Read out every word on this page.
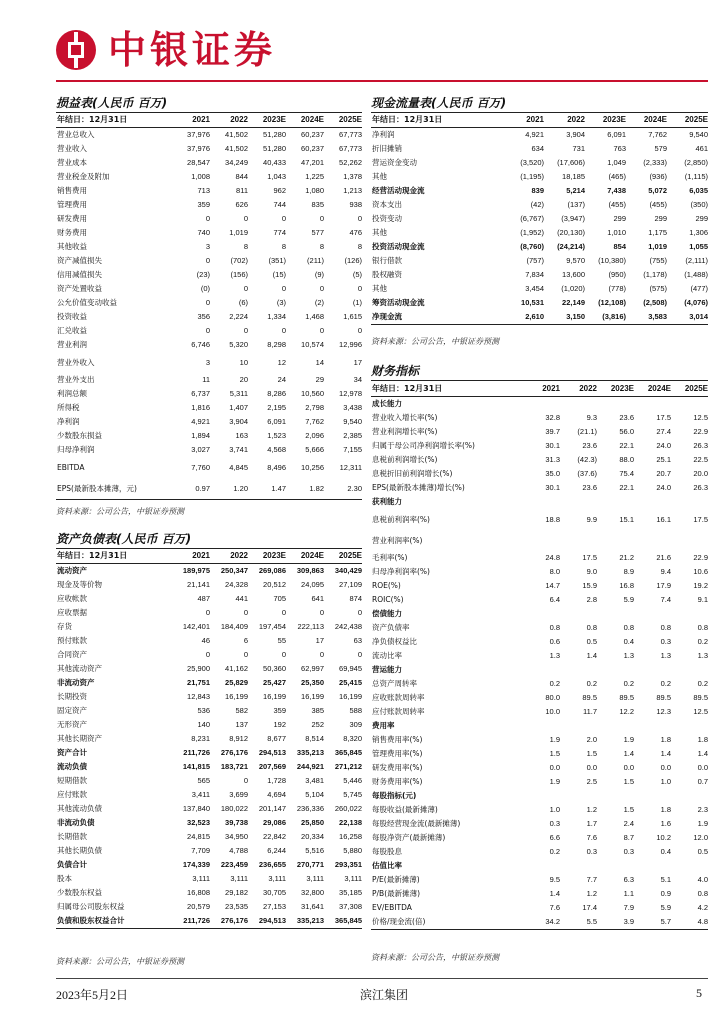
中银证券
损益表(人民币 百万)
年结日：12月31日	2021	2022	2023E	2024E	2025E
营业总收入	37,976	41,502	51,280	60,237	67,773
营业收入	37,976	41,502	51,280	60,237	67,773
营业成本	28,547	34,249	40,433	47,201	52,262
营业税金及附加	1,008	844	1,043	1,225	1,378
销售费用	713	811	962	1,080	1,213
管理费用	359	626	744	835	938
研发费用	0	0	0	0	0
财务费用	740	1,019	774	577	476
其他收益	3	8	8	8	8
资产减值损失	0	(702)	(351)	(211)	(126)
信用减值损失	(23)	(156)	(15)	(9)	(5)
资产处置收益	(0)	0	0	0	0
公允价值变动收益	0	(6)	(3)	(2)	(1)
投资收益	356	2,224	1,334	1,468	1,615
汇兑收益	0	0	0	0	0
营业利润	6,746	5,320	8,298	10,574	12,996
营业外收入	3	10	12	14	17
营业外支出	11	20	24	29	34
利润总额	6,737	5,311	8,286	10,560	12,978
所得税	1,816	1,407	2,195	2,798	3,438
净利润	4,921	3,904	6,091	7,762	9,540
少数股东损益	1,894	163	1,523	2,096	2,385
归母净利润	3,027	3,741	4,568	5,666	7,155
EBITDA	7,760	4,845	8,496	10,256	12,311
EPS(最新股本摊薄，元)	0.97	1.20	1.47	1.82	2.30
资料来源：公司公告，中银证券预测
资产负债表(人民币 百万)
年结日：12月31日	2021	2022	2023E	2024E	2025E
流动资产	189,975	250,347	269,086	309,863	340,429
现金及等价物	21,141	24,328	20,512	24,095	27,109
应收帐款	487	441	705	641	874
应收票据	0	0	0	0	0
存货	142,401	184,409	197,454	222,113	242,438
预付账款	46	6	55	17	63
合同资产	0	0	0	0	0
其他流动资产	25,900	41,162	50,360	62,997	69,945
非流动资产	21,751	25,829	25,427	25,350	25,415
长期投资	12,843	16,199	16,199	16,199	16,199
固定资产	536	582	359	385	588
无形资产	140	137	192	252	309
其他长期资产	8,231	8,912	8,677	8,514	8,320
资产合计	211,726	276,176	294,513	335,213	365,845
流动负债	141,815	183,721	207,569	244,921	271,212
短期借款	565	0	1,728	3,481	5,446
应付账款	3,411	3,699	4,694	5,104	5,745
其他流动负债	137,840	180,022	201,147	236,336	260,022
非流动负债	32,523	39,738	29,086	25,850	22,138
长期借款	24,815	34,950	22,842	20,334	16,258
其他长期负债	7,709	4,788	6,244	5,516	5,880
负债合计	174,339	223,459	236,655	270,771	293,351
股本	3,111	3,111	3,111	3,111	3,111
少数股东权益	16,808	29,182	30,705	32,800	35,185
归属母公司股东权益	20,579	23,535	27,153	31,641	37,308
负债和股东权益合计	211,726	276,176	294,513	335,213	365,845
资料来源：公司公告，中银证券预测
现金流量表(人民币 百万)
年结日：12月31日	2021	2022	2023E	2024E	2025E
净利润	4,921	3,904	6,091	7,762	9,540
折旧摊销	634	731	763	579	461
营运资金变动	(3,520)	(17,606)	1,049	(2,333)	(2,850)
其他	(1,195)	18,185	(465)	(936)	(1,115)
经营活动现金流	839	5,214	7,438	5,072	6,035
资本支出	(42)	(137)	(455)	(455)	(350)
投资变动	(6,767)	(3,947)	299	299	299
其他	(1,952)	(20,130)	1,010	1,175	1,306
投资活动现金流	(8,760)	(24,214)	854	1,019	1,055
银行借款	(757)	9,570	(10,380)	(755)	(2,111)
股权融资	7,834	13,600	(950)	(1,178)	(1,488)
其他	3,454	(1,020)	(778)	(575)	(477)
筹资活动现金流	10,531	22,149	(12,108)	(2,508)	(4,076)
净现金流	2,610	3,150	(3,816)	3,583	3,014
资料来源：公司公告，中银证券预测
财务指标
年结日：12月31日	2021	2022	2023E	2024E	2025E
成长能力					
营业收入增长率(%)	32.8	9.3	23.6	17.5	12.5
营业利润增长率(%)	39.7	(21.1)	56.0	27.4	22.9
归属于母公司净利润增长率(%)	30.1	23.6	22.1	24.0	26.3
息税前利润增长(%)	31.3	(42.3)	88.0	25.1	22.5
息税折旧前利润增长(%)	35.0	(37.6)	75.4	20.7	20.0
EPS(最新股本摊薄)增长(%)	30.1	23.6	22.1	24.0	26.3
获利能力					
息税前利润率(%)	18.8	9.9	15.1	16.1	17.5
营业利润率(%)					
毛利率(%)	24.8	17.5	21.2	21.6	22.9
归母净利润率(%)	8.0	9.0	8.9	9.4	10.6
ROE(%)	14.7	15.9	16.8	17.9	19.2
ROIC(%)	6.4	2.8	5.9	7.4	9.1
偿债能力					
资产负债率	0.8	0.8	0.8	0.8	0.8
净负债权益比	0.6	0.5	0.4	0.3	0.2
流动比率	1.3	1.4	1.3	1.3	1.3
营运能力					
总资产周转率	0.2	0.2	0.2	0.2	0.2
应收账款周转率	80.0	89.5	89.5	89.5	89.5
应付账款周转率	10.0	11.7	12.2	12.3	12.5
费用率					
销售费用率(%)	1.9	2.0	1.9	1.8	1.8
管理费用率(%)	1.5	1.5	1.4	1.4	1.4
研发费用率(%)	0.0	0.0	0.0	0.0	0.0
财务费用率(%)	1.9	2.5	1.5	1.0	0.7
每股指标(元)					
每股收益(最新摊薄)	1.0	1.2	1.5	1.8	2.3
每股经营现金流(最新摊薄)	0.3	1.7	2.4	1.6	1.9
每股净资产(最新摊薄)	6.6	7.6	8.7	10.2	12.0
每股股息	0.2	0.3	0.3	0.4	0.5
估值比率					
P/E(最新摊薄)	9.5	7.7	6.3	5.1	4.0
P/B(最新摊薄)	1.4	1.2	1.1	0.9	0.8
EV/EBITDA	7.6	17.4	7.9	5.9	4.2
价格/现金流(倍)	34.2	5.5	3.9	5.7	4.8
资料来源：公司公告，中银证券预测
2023年5月2日	滨江集团	5
